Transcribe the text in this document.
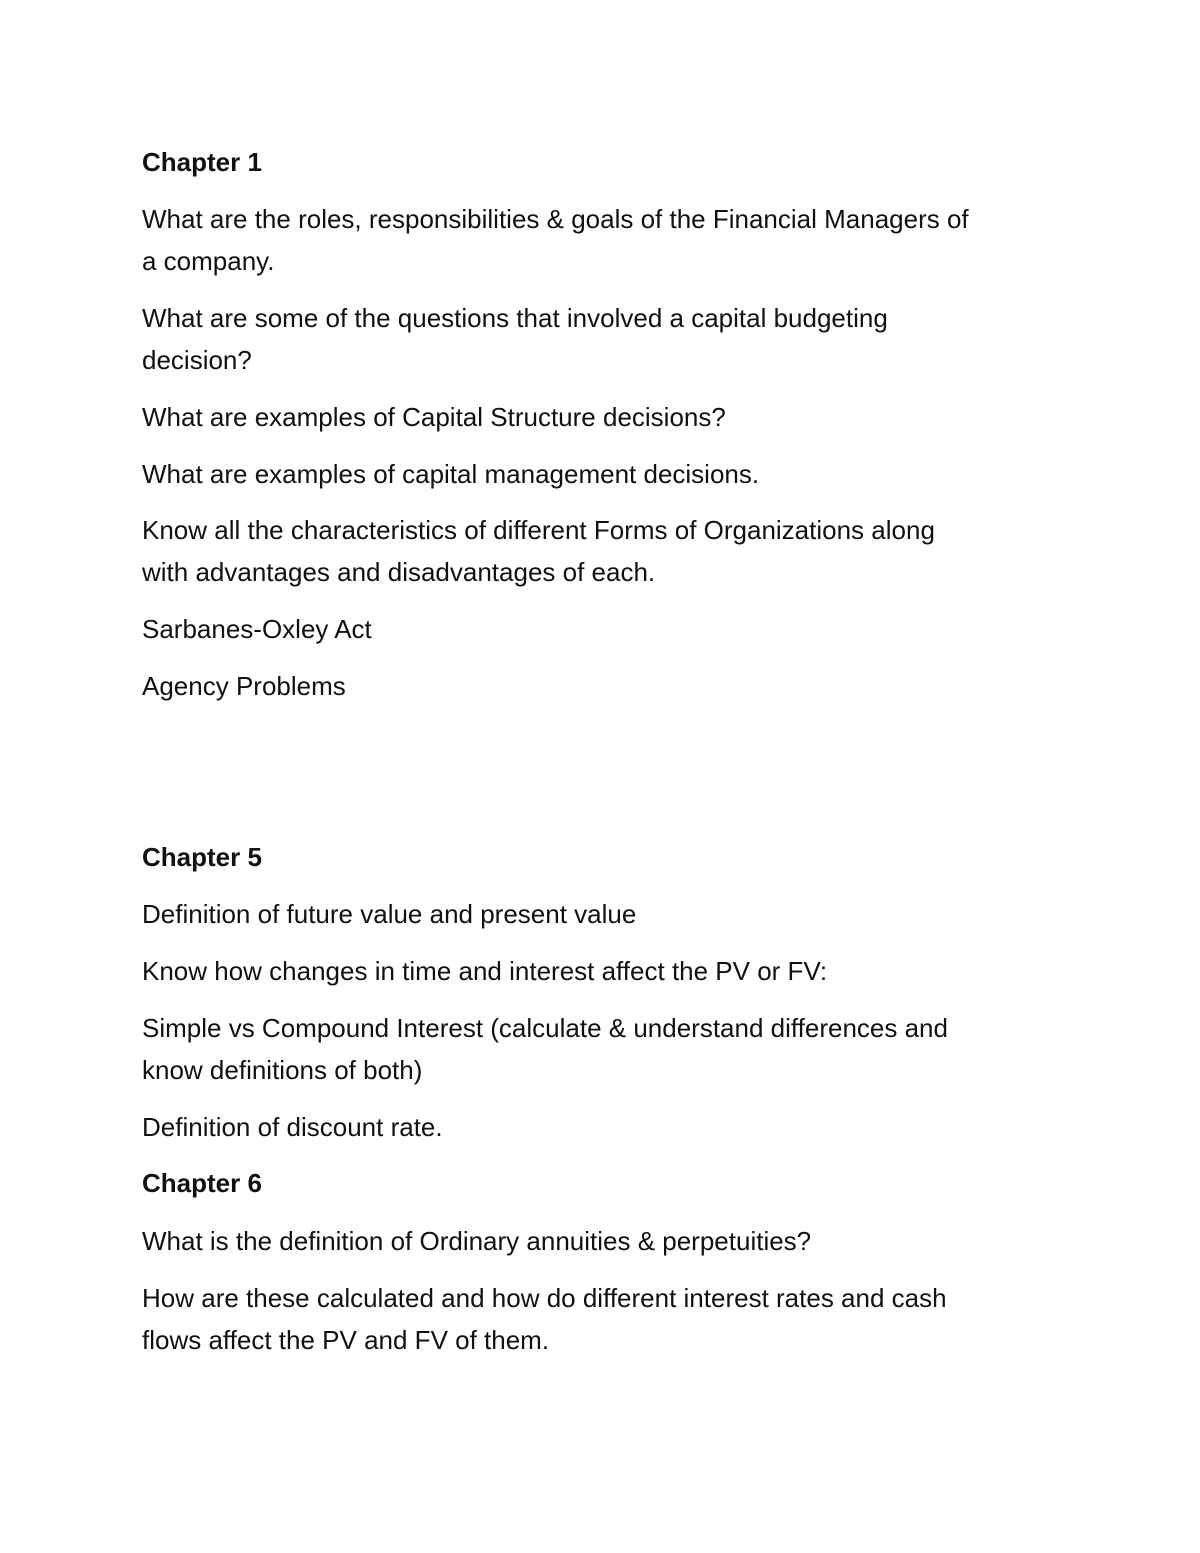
Chapter 1

What are the roles, responsibilities & goals of the Financial Managers of

a company.

What are some of the questions that involved a capital budgeting

decision?

What are examples of Capital Structure decisions?

What are examples of capital management decisions.

Know all the characteristics of different Forms of Organizations along

with advantages and disadvantages of each.

Sarbanes-Oxley Act

Agency Problems

Chapter 5

Definition of future value and present value

Know how changes in time and interest affect the PV or FV:

Simple vs Compound Interest (calculate & understand differences and

know definitions of both)

Definition of discount rate.

Chapter 6

What is the definition of Ordinary annuities & perpetuities?

How are these calculated and how do different interest rates and cash

flows affect the PV and FV of them.
